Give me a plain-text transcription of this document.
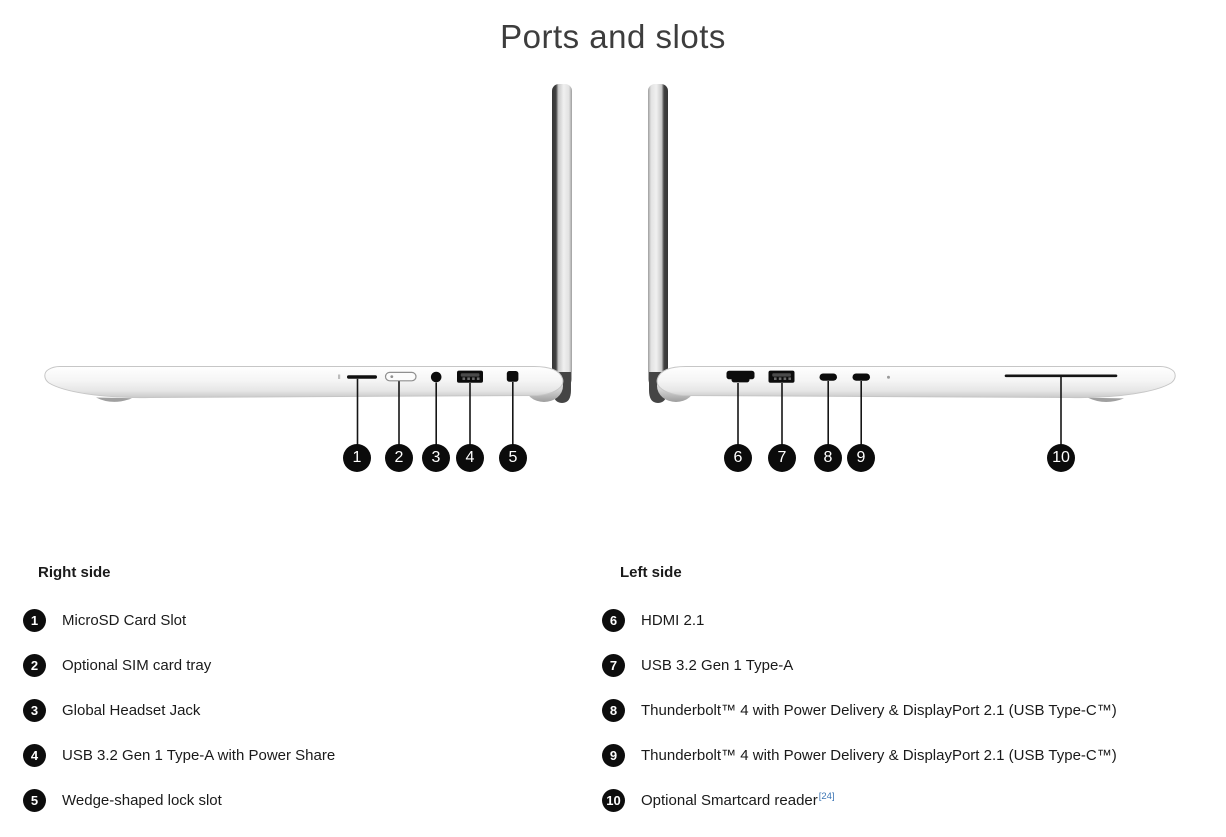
Ports and slots
1	2	3	4	5	6	7	8	9	10

Right side	Left side

1	MicroSD Card Slot
2	Optional SIM card tray
3	Global Headset Jack
4	USB 3.2 Gen 1 Type-A with Power Share
5	Wedge-shaped lock slot
6	HDMI 2.1
7	USB 3.2 Gen 1 Type-A
8	Thunderbolt™ 4 with Power Delivery & DisplayPort 2.1 (USB Type-C™)
9	Thunderbolt™ 4 with Power Delivery & DisplayPort 2.1 (USB Type-C™)
10 Optional Smartcard reader[24]
